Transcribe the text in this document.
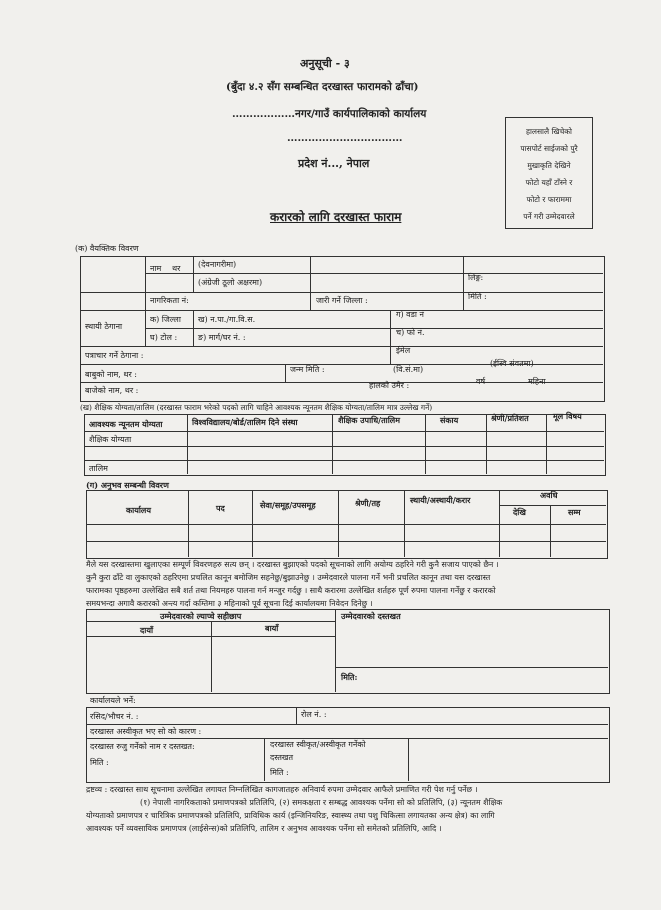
अनुसूची - ३
(बुँदा ४.२ सँग सम्बन्धित दरखास्त फारामको ढाँचा)
………………नगर/गाउँ कार्यपालिकाको कार्यालय
……………………………
प्रदेश नं..., नेपाल
करारको लागि दरखास्त फाराम
हालसालै खिचेको
पासपोर्ट साईजको पुरै
मुखाकृति देखिने
फोटो यहाँ टाँस्ने र
फोटो र फाराममा
पर्ने गरी उम्मेदवारले
(क) वैयक्तिक विवरण
नाम थर (देवनागरीमा)
(अंग्रेजी ठूलो अक्षरमा)
लिङ्ग:
नागरिकता नं:	जारी गर्ने जिल्ला :	मिति :
स्थायी ठेगाना
क) जिल्ला ख) न.पा./गा.वि.स.
ग) वडा नं
घ) टोल :	ङ) मार्ग/घर नं. :
च) फो नं.
पत्राचार गर्ने ठेगाना :
ईमेल
बाबुको नाम, थर :
जन्म मिति :	(वि.सं.मा)
(ईस्वि संवतमा)
बाजेको नाम, थर :
हालको उमेर :	वर्ष	महिना
(ख) शैक्षिक योग्यता/तालिम (दरखास्त फाराम भरेको पदको लागि चाहिने आवश्यक न्यूनतम शैक्षिक योग्यता/तालिम मात्र उल्लेख गर्ने)
आवश्यक न्यूनतम योग्यता	विश्वविद्यालय/बोर्ड/तालिम दिने संस्था	शैक्षिक उपाधि/तालिम	संकाय	श्रेणी/प्रतिशत	मूल विषय
शैक्षिक योग्यता
तालिम
(ग) अनुभव सम्बन्धी विवरण
कार्यालय	पद	सेवा/समूह/उपसमूह	श्रेणी/तह	स्थायी/अस्थायी/करार	अवधि
देखि	सम्म
मैले यस दरखास्तमा खुलाएका सम्पूर्ण विवरणहरु सत्य छन् । दरखास्त बुझाएको पदको सूचनाको लागि अयोग्य ठहरिने गरी कुनै सजाय पाएको छैन ।
कुनै कुरा ढाँटे वा लुकाएको ठहरिएमा प्रचलित कानून बमोजिम सहनेछु/बुझाउनेछु । उम्मेदवारले पालना गर्ने भनी प्रचलित कानून तथा यस दरखास्त
फारामका पृष्ठहरुमा उल्लेखित सबै शर्त तथा नियमहरु पालना गर्न मन्जुर गर्दछु । साथै करारमा उल्लेखित शर्तहरु पूर्ण रुपमा पालना गर्नेछु र करारको
समयभन्दा अगावै करारको अन्त्य गर्दा कम्तिमा ३ महिनाको पूर्व सूचना दिई कार्यालयमा निवेदन दिनेछु ।
उम्मेदवारको ल्याप्चे सहीछाप
दायाँ	बायाँ
उम्मेदवारको दस्तखत
मिति:
कार्यालयले भर्ने:
रसिद/भौचर नं. :	रोल नं. :
दरखास्त अस्वीकृत भए सो को कारण :
दरखास्त रुजु गर्नेको नाम र दस्तखत:
मिति :
दरखास्त स्वीकृत/अस्वीकृत गर्नेको
दस्तखत
मिति :
द्रष्टव्य : दरखास्त साथ सूचनामा उल्लेखित लगायत निम्नलिखित कागजातहरु अनिवार्य रुपमा उम्मेदवार आफैले प्रमाणित गरी पेश गर्नु पर्नेछ ।
(१) नेपाली नागरिकताको प्रमाणपत्रको प्रतिलिपि, (२) समकक्षता र सम्बद्ध आवश्यक पर्नेमा सो को प्रतिलिपि, (३) न्यूनतम शैक्षिक
योग्यताको प्रमाणपत्र र चारित्रिक प्रमाणपत्रको प्रतिलिपि, प्राविधिक कार्य (इन्जिनियरिङ, स्वास्थ्य तथा पशु चिकित्सा लगायतका अन्य क्षेत्र) का लागि
आवश्यक पर्ने व्यवसायिक प्रमाणपत्र (लाईसेन्स)को प्रतिलिपि, तालिम र अनुभव आवश्यक पर्नेमा सो समेतको प्रतिलिपि, आदि ।
